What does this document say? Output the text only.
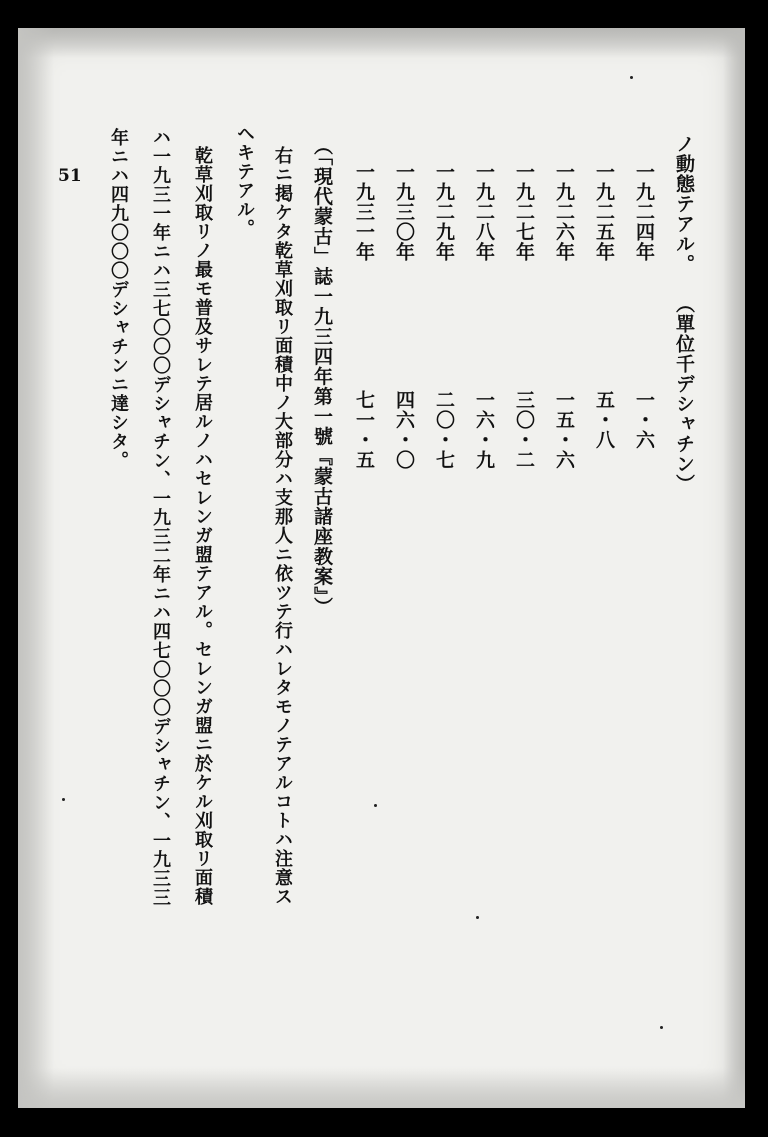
ノ動態テアル。（單位千デシャチン）
一九二四年
一・六
一九二五年
五・八
一九二六年
一五・六
一九二七年
三〇・二
一九二八年
一六・九
一九二九年
二〇・七
一九三〇年
四六・〇
一九三一年
七一・五
（「現代蒙古」誌一九三四年第一號『蒙古諸座教案』）
右ニ掲ケタ乾草刈取リ面積中ノ大部分ハ支那人ニ依ツテ行ハレタモノテアルコトハ注意ス
ヘキテアル。
乾草刈取リノ最モ普及サレテ居ルノハセレンガ盟テアル。セレンガ盟ニ於ケル刈取リ面積
ハ一九三一年ニハ三七〇〇〇デシャチン、一九三二年ニハ四七〇〇〇デシャチン、一九三三
年ニハ四九〇〇〇デシャチンニ達シタ。
51
